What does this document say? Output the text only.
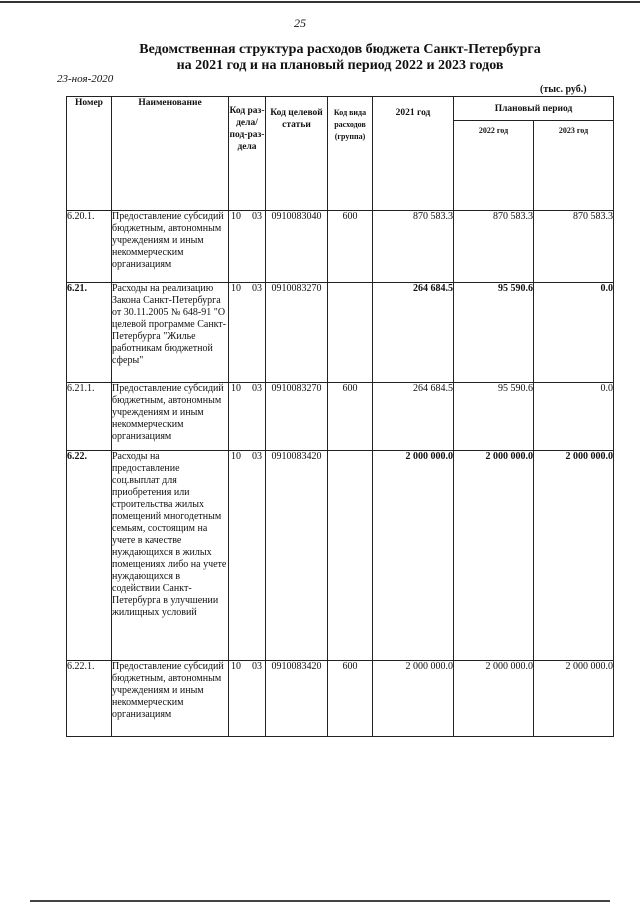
25
Ведомственная структура расходов бюджета Санкт-Петербурга
на 2021 год и на плановый период 2022 и 2023 годов
23-ноя-2020
(тыс. руб.)
Номер	Наименование	Код раз-дела/ под-раз-дела	Код целевой статьи	Код вида расходов (группа)	2021 год	Плановый период	
						2022 год	2023 год
6.20.1.	Предоставление субсидий бюджетным, автономным учреждениям и иным некоммерческим организациям	10 03	0910083040	600	870 583.3	870 583.3	870 583.3
6.21.	Расходы на реализацию Закона Санкт-Петербурга от 30.11.2005 № 648-91 "О целевой программе Санкт-Петербурга "Жилье работникам бюджетной сферы"	10 03	0910083270		264 684.5	95 590.6	0.0
6.21.1.	Предоставление субсидий бюджетным, автономным учреждениям и иным некоммерческим организациям	10 03	0910083270	600	264 684.5	95 590.6	0.0
6.22.	Расходы на предоставление соц.выплат для приобретения или строительства жилых помещений многодетным семьям, состоящим на учете в качестве нуждающихся в жилых помещениях либо на учете нуждающихся в содействии Санкт-Петербурга в улучшении жилищных условий	10 03	0910083420		2 000 000.0	2 000 000.0	2 000 000.0
6.22.1.	Предоставление субсидий бюджетным, автономным учреждениям и иным некоммерческим организациям	10 03	0910083420	600	2 000 000.0	2 000 000.0	2 000 000.0
